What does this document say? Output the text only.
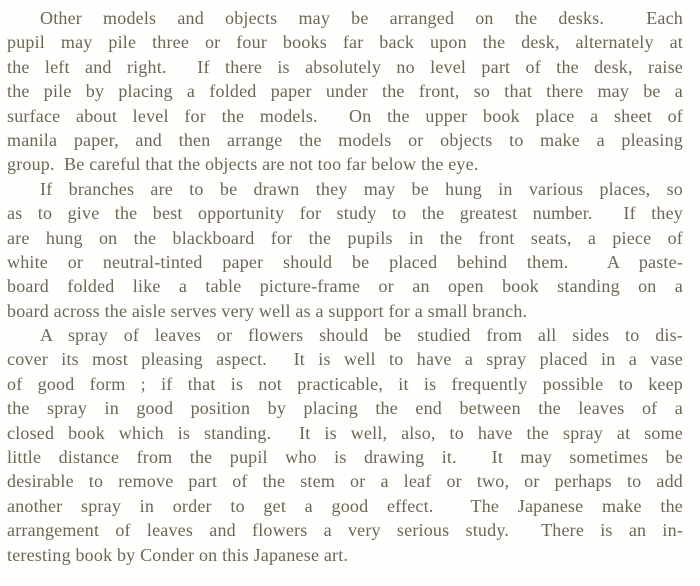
Other models and objects may be arranged on the desks.  Each
pupil may pile three or four books far back upon the desk, alternately at
the left and right.  If there is absolutely no level part of the desk, raise
the pile by placing a folded paper under the front, so that there may be a
surface about level for the models.  On the upper book place a sheet of
manila paper, and then arrange the models or objects to make a pleasing
group.  Be careful that the objects are not too far below the eye.
If branches are to be drawn they may be hung in various places, so
as to give the best opportunity for study to the greatest number.  If they
are hung on the blackboard for the pupils in the front seats, a piece of
white or neutral-tinted paper should be placed behind them.  A paste-
board folded like a table picture-frame or an open book standing on a
board across the aisle serves very well as a support for a small branch.
A spray of leaves or flowers should be studied from all sides to dis-
cover its most pleasing aspect.  It is well to have a spray placed in a vase
of good form ; if that is not practicable, it is frequently possible to keep
the spray in good position by placing the end between the leaves of a
closed book which is standing.  It is well, also, to have the spray at some
little distance from the pupil who is drawing it.  It may sometimes be
desirable to remove part of the stem or a leaf or two, or perhaps to add
another spray in order to get a good effect.  The Japanese make the
arrangement of leaves and flowers a very serious study.  There is an in-
teresting book by Conder on this Japanese art.
